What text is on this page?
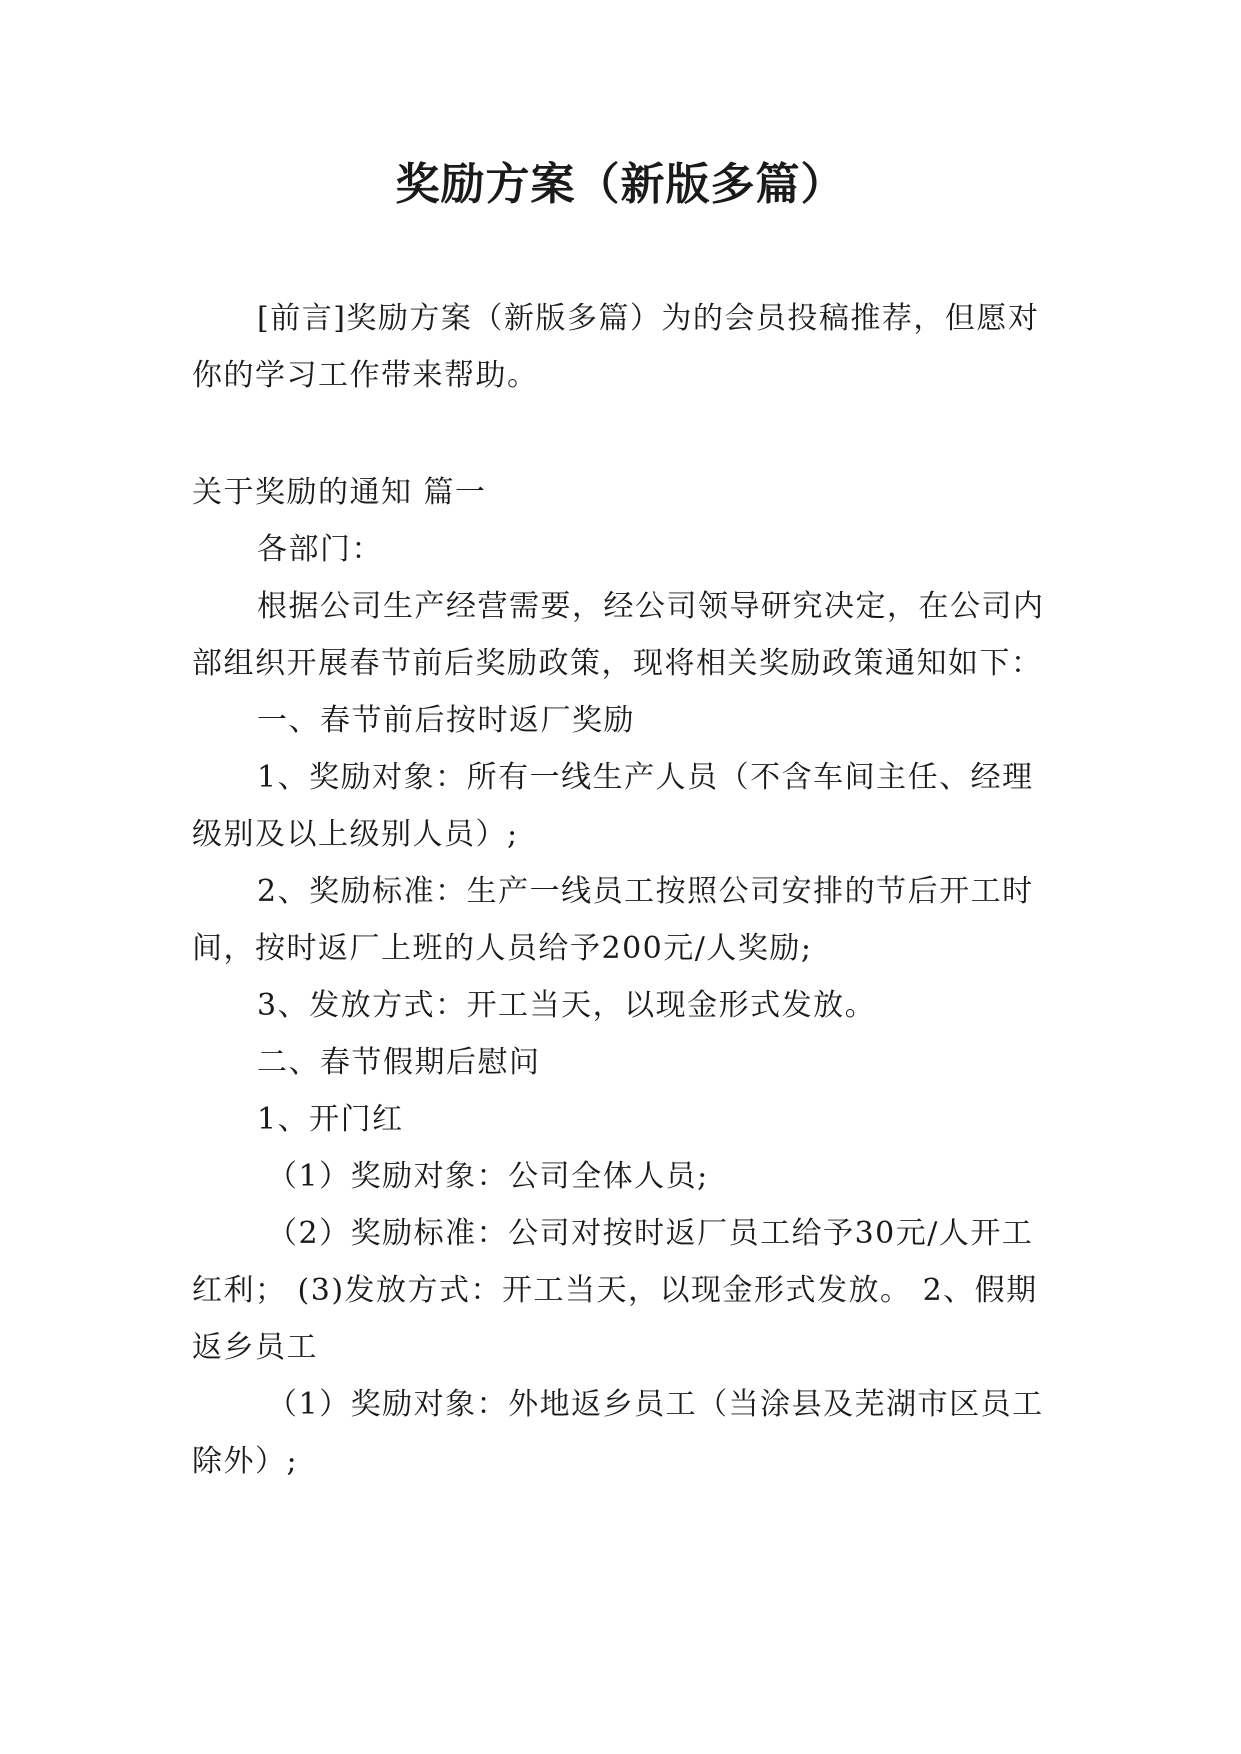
奖励方案（新版多篇）

[前言]奖励方案（新版多篇）为的会员投稿推荐，但愿对你的学习工作带来帮助。

关于奖励的通知 篇一

各部门：

根据公司生产经营需要，经公司领导研究决定，在公司内部组织开展春节前后奖励政策，现将相关奖励政策通知如下：

一、春节前后按时返厂奖励

1、奖励对象：所有一线生产人员（不含车间主任、经理级别及以上级别人员）;

2、奖励标准：生产一线员工按照公司安排的节后开工时间，按时返厂上班的人员给予200元/人奖励;

3、发放方式：开工当天，以现金形式发放。

二、春节假期后慰问

1、开门红

（1）奖励对象：公司全体人员;

（2）奖励标准：公司对按时返厂员工给予30元/人开工红利； (3)发放方式：开工当天，以现金形式发放。 2、假期返乡员工

（1）奖励对象：外地返乡员工（当涂县及芜湖市区员工除外）;
